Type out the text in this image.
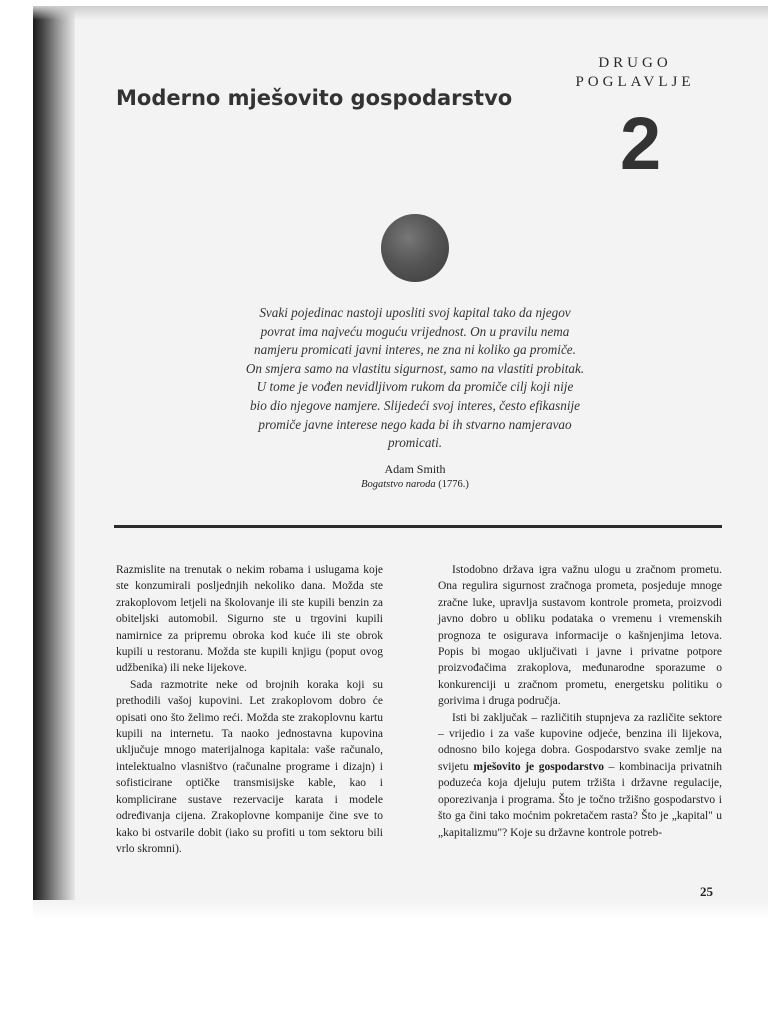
DRUGO
POGLAVLJE
2
Moderno mješovito gospodarstvo

Svaki pojedinac nastoji uposliti svoj kapital tako da njegov
povrat ima najveću moguću vrijednost. On u pravilu nema
namjeru promicati javni interes, ne zna ni koliko ga promiče.
On smjera samo na vlastitu sigurnost, samo na vlastiti probitak.
U tome je vođen nevidljivom rukom da promiče cilj koji nije
bio dio njegove namjere. Slijedeći svoj interes, često efikasnije
promiče javne interese nego kada bi ih stvarno namjeravao
promicati.

Adam Smith
Bogatstvo naroda (1776.)

Razmislite na trenutak o nekim robama i uslugama koje ste konzumirali posljednjih nekoliko dana. Možda ste zrakoplovom letjeli na školovanje ili ste kupili benzin za obiteljski automobil. Sigurno ste u trgovini kupili namirnice za pripremu obroka kod kuće ili ste obrok kupili u restoranu. Možda ste kupili knjigu (poput ovog udžbenika) ili neke lijekove.

Sada razmotrite neke od brojnih koraka koji su prethodili vašoj kupovini. Let zrakoplovom dobro će opisati ono što želimo reći. Možda ste zrakoplovnu kartu kupili na internetu. Ta naoko jednostavna kupovina uključuje mnogo materijalnoga kapitala: vaše računalo, intelektualno vlasništvo (računalne programe i dizajn) i sofisticirane optičke transmisijske kable, kao i komplicirane sustave rezervacije karata i modele određivanja cijena. Zrakoplovne kompanije čine sve to kako bi ostvarile dobit (iako su profiti u tom sektoru bili vrlo skromni).

Istodobno država igra važnu ulogu u zračnom prometu. Ona regulira sigurnost zračnoga prometa, posjeduje mnoge zračne luke, upravlja sustavom kontrole prometa, proizvodi javno dobro u obliku podataka o vremenu i vremenskih prognoza te osigurava informacije o kašnjenjima letova. Popis bi mogao uključivati i javne i privatne potpore proizvođačima zrakoplova, međunarodne sporazume o konkurenciji u zračnom prometu, energetsku politiku o gorivima i druga područja.

Isti bi zaključak – različitih stupnjeva za različite sektore – vrijedio i za vaše kupovine odjeće, benzina ili lijekova, odnosno bilo kojega dobra. Gospodarstvo svake zemlje na svijetu mješovito je gospodarstvo – kombinacija privatnih poduzeća koja djeluju putem tržišta i državne regulacije, oporezivanja i programa. Što je točno tržišno gospodarstvo i što ga čini tako moćnim pokretačem rasta? Što je „kapital" u „kapitalizmu"? Koje su državne kontrole potreb-

25
